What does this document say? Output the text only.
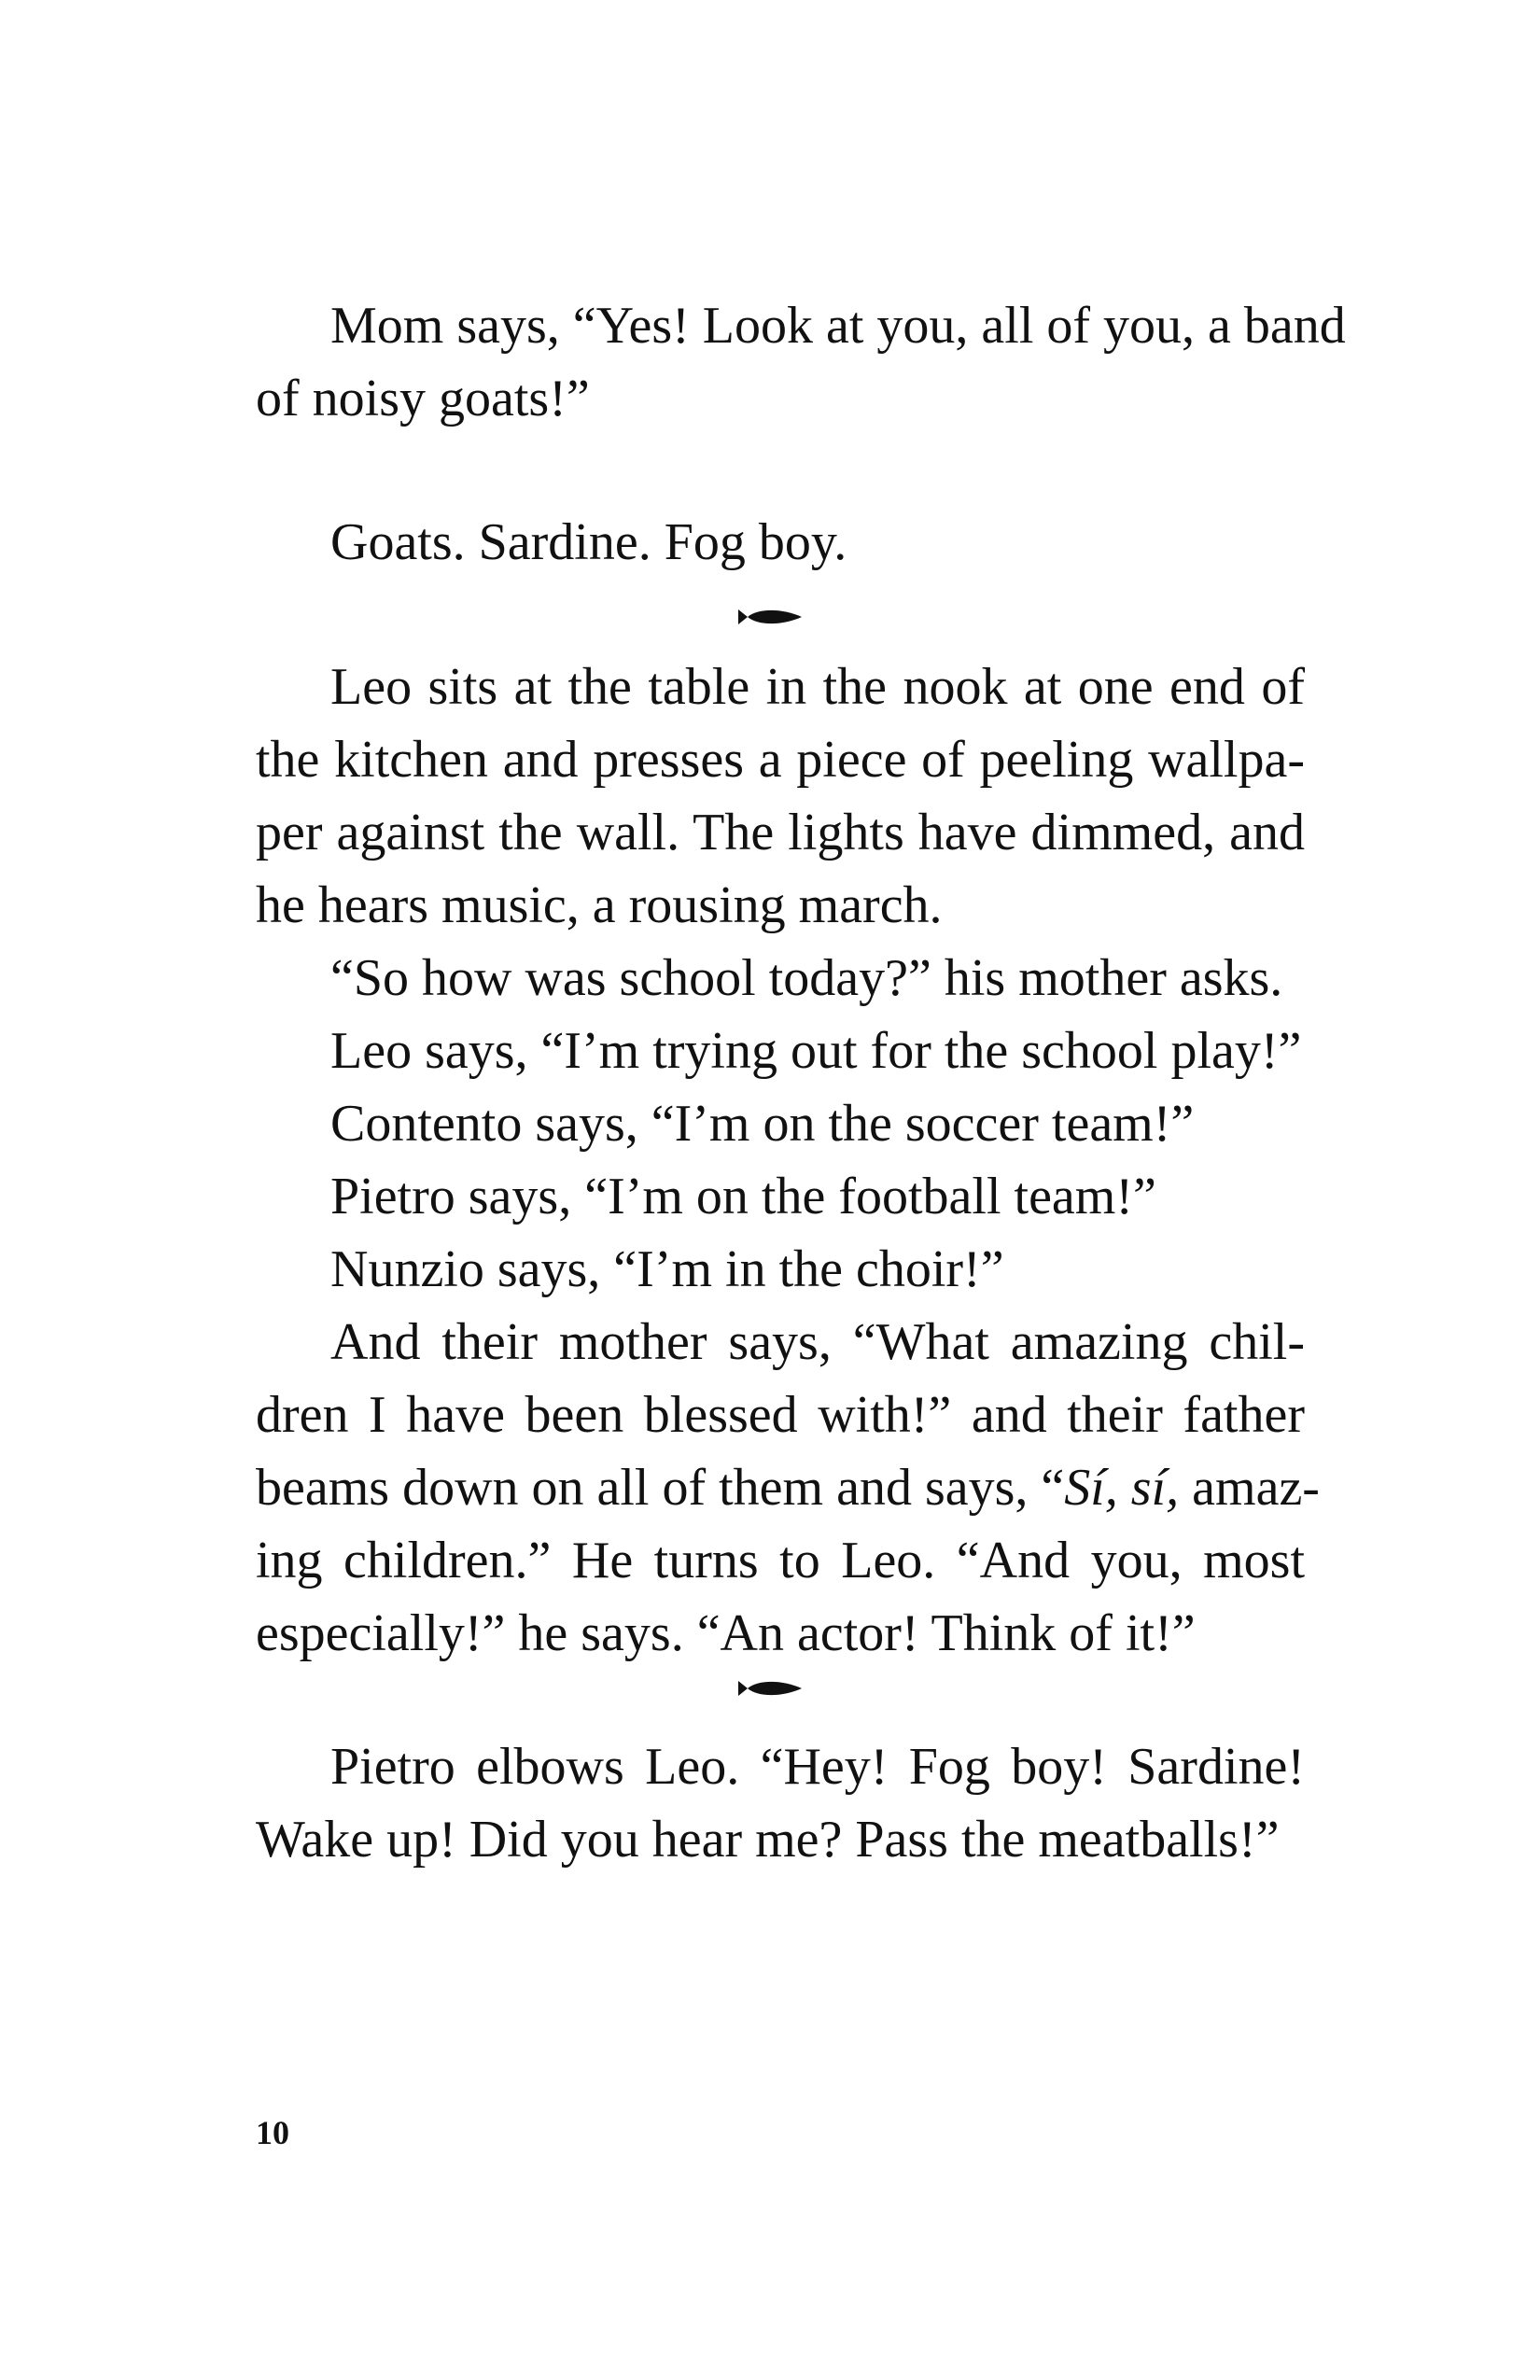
Mom says, “Yes! Look at you, all of you, a band
of noisy goats!”
Goats. Sardine. Fog boy.
Leo sits at the table in the nook at one end of
the kitchen and presses a piece of peeling wallpa-
per against the wall. The lights have dimmed, and
he hears music, a rousing march.
“So how was school today?” his mother asks.
Leo says, “I’m trying out for the school play!”
Contento says, “I’m on the soccer team!”
Pietro says, “I’m on the football team!”
Nunzio says, “I’m in the choir!”
And their mother says, “What amazing chil-
dren I have been blessed with!” and their father
beams down on all of them and says, “Sí, sí, amaz-
ing children.” He turns to Leo. “And you, most
especially!” he says. “An actor! Think of it!”
Pietro elbows Leo. “Hey! Fog boy! Sardine!
Wake up! Did you hear me? Pass the meatballs!”
10
